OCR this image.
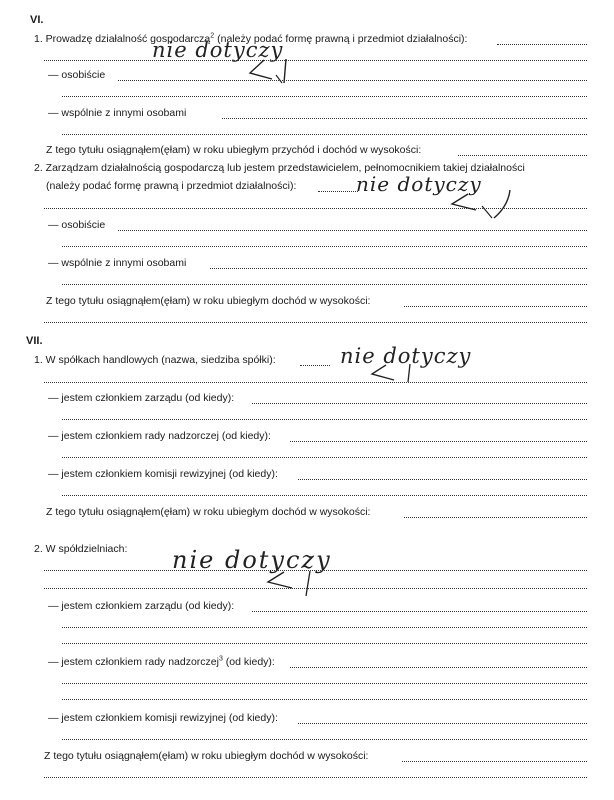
VI.
1. Prowadzę działalność gospodarczą$^2$ (należy podać formę prawną i przedmiot działalności):
nie dotyczy
— osobiście
— wspólnie z innymi osobami
Z tego tytułu osiągnąłem(ęłam) w roku ubiegłym przychód i dochód w wysokości:
2. Zarządzam działalnością gospodarczą lub jestem przedstawicielem, pełnomocnikiem takiej działalności
(należy podać formę prawną i przedmiot działalności):	nie dotyczy
— osobiście
— wspólnie z innymi osobami
Z tego tytułu osiągnąłem(ęłam) w roku ubiegłym dochód w wysokości:
VII.
1. W spółkach handlowych (nazwa, siedziba spółki):	nie dotyczy
— jestem członkiem zarządu (od kiedy):
— jestem członkiem rady nadzorczej (od kiedy):
— jestem członkiem komisji rewizyjnej (od kiedy):
Z tego tytułu osiągnąłem(ęłam) w roku ubiegłym dochód w wysokości:
2. W spółdzielniach: nie dotyczy
— jestem członkiem zarządu (od kiedy):
— jestem członkiem rady nadzorczej$^3$ (od kiedy):
— jestem członkiem komisji rewizyjnej (od kiedy):
Z tego tytułu osiągnąłem(ęłam) w roku ubiegłym dochód w wysokości:
